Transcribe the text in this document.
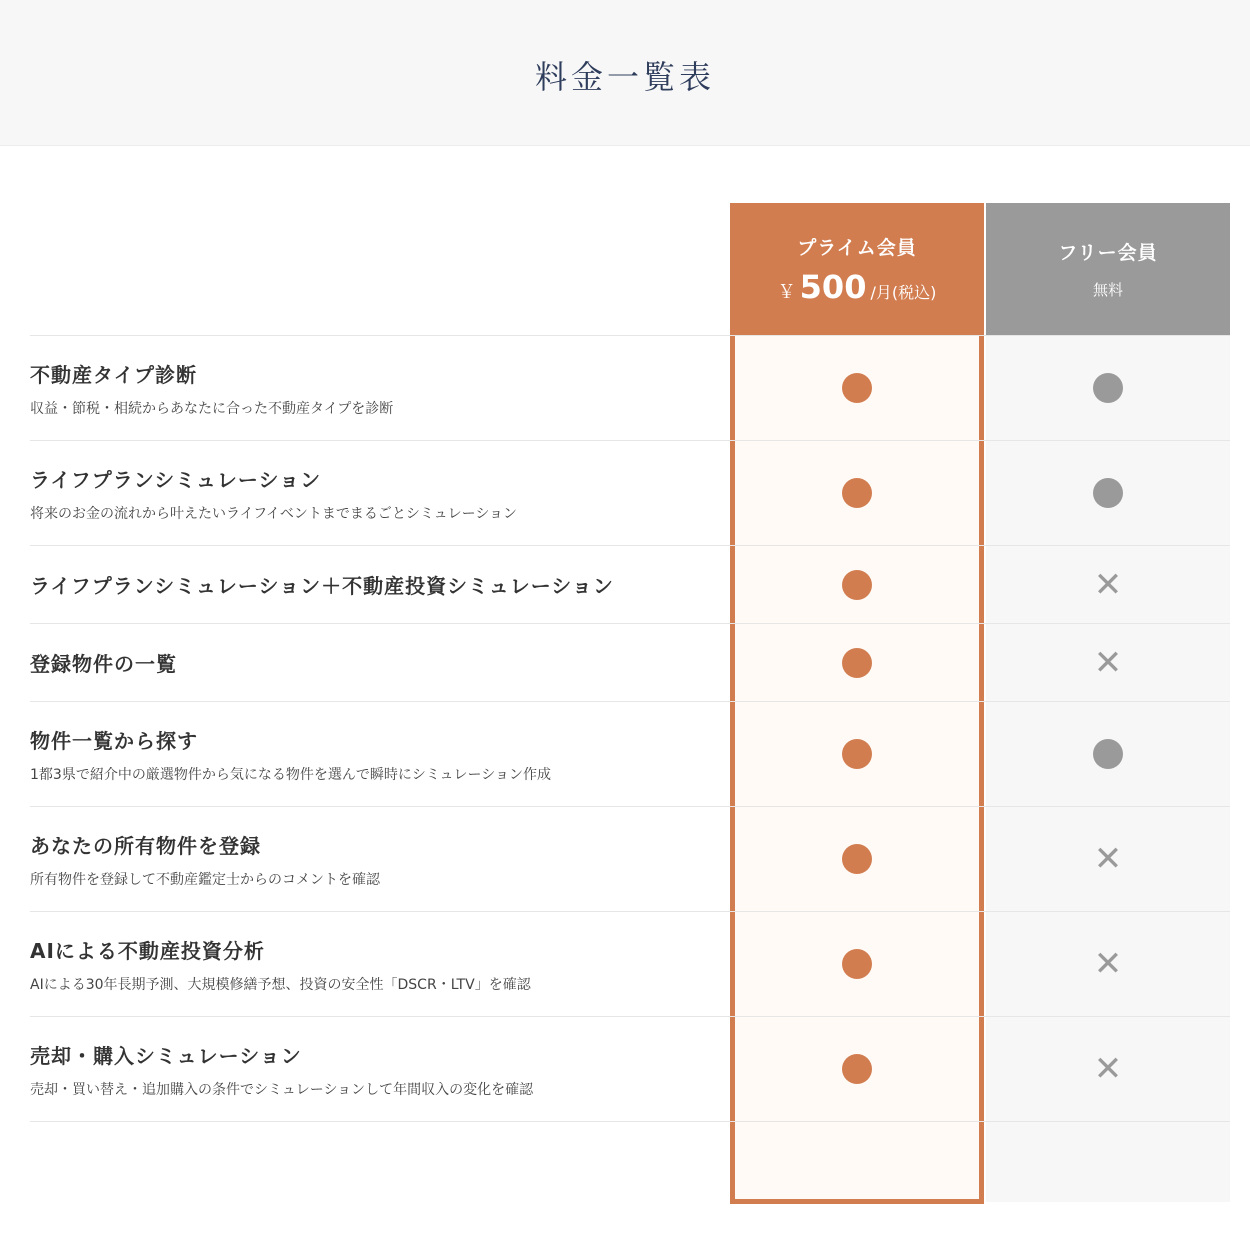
料金一覧表
プライム会員
￥ 500 /月(税込)
フリー会員
無料
不動産タイプ診断
収益・節税・相続からあなたに合った不動産タイプを診断
ライフプランシミュレーション
将来のお金の流れから叶えたいライフイベントまでまるごとシミュレーション
ライフプランシミュレーション＋不動産投資シミュレーション	✕
登録物件の一覧	✕
物件一覧から探す
1都3県で紹介中の厳選物件から気になる物件を選んで瞬時にシミュレーション作成
あなたの所有物件を登録
所有物件を登録して不動産鑑定士からのコメントを確認
✕
AIによる不動産投資分析
AIによる30年長期予測、大規模修繕予想、投資の安全性「DSCR・LTV」を確認
✕
売却・購入シミュレーション
売却・買い替え・追加購入の条件でシミュレーションして年間収入の変化を確認
✕
